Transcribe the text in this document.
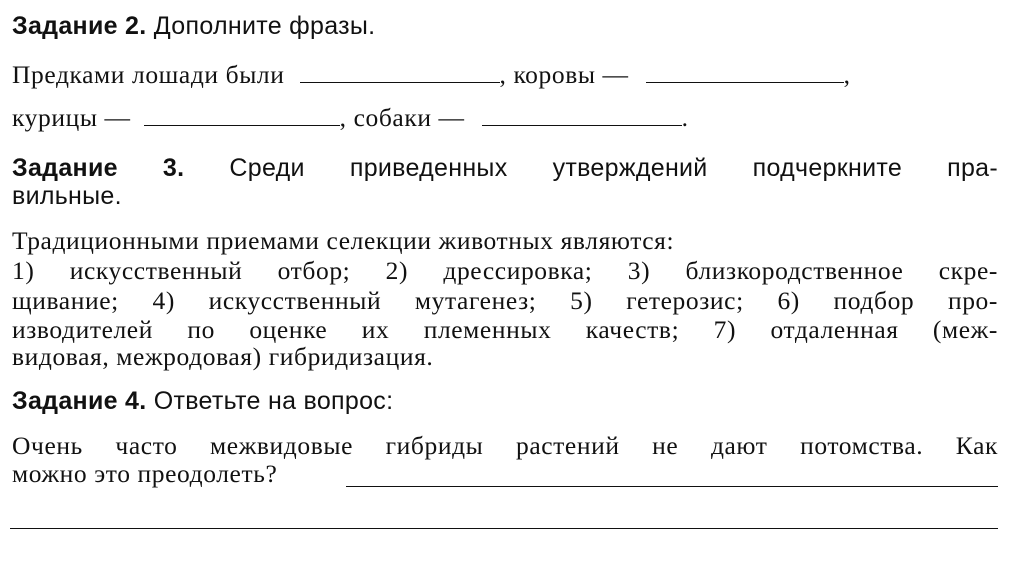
Задание 2. Дополните фразы.
Предками лошади были	, коровы —	,
курицы —	, собаки —	.
Задание 3. Среди приведенных утверждений подчеркните пра-
вильные.
Традиционными приемами селекции животных являются:
1) искусственный отбор; 2) дрессировка; 3) близкородственное скре-
щивание; 4) искусственный мутагенез; 5) гетерозис; 6) подбор про-
изводителей по оценке их племенных качеств; 7) отдаленная (меж-
видовая, межродовая) гибридизация.
Задание 4. Ответьте на вопрос:
Очень часто межвидовые гибриды растений не дают потомства. Как
можно это преодолеть?
